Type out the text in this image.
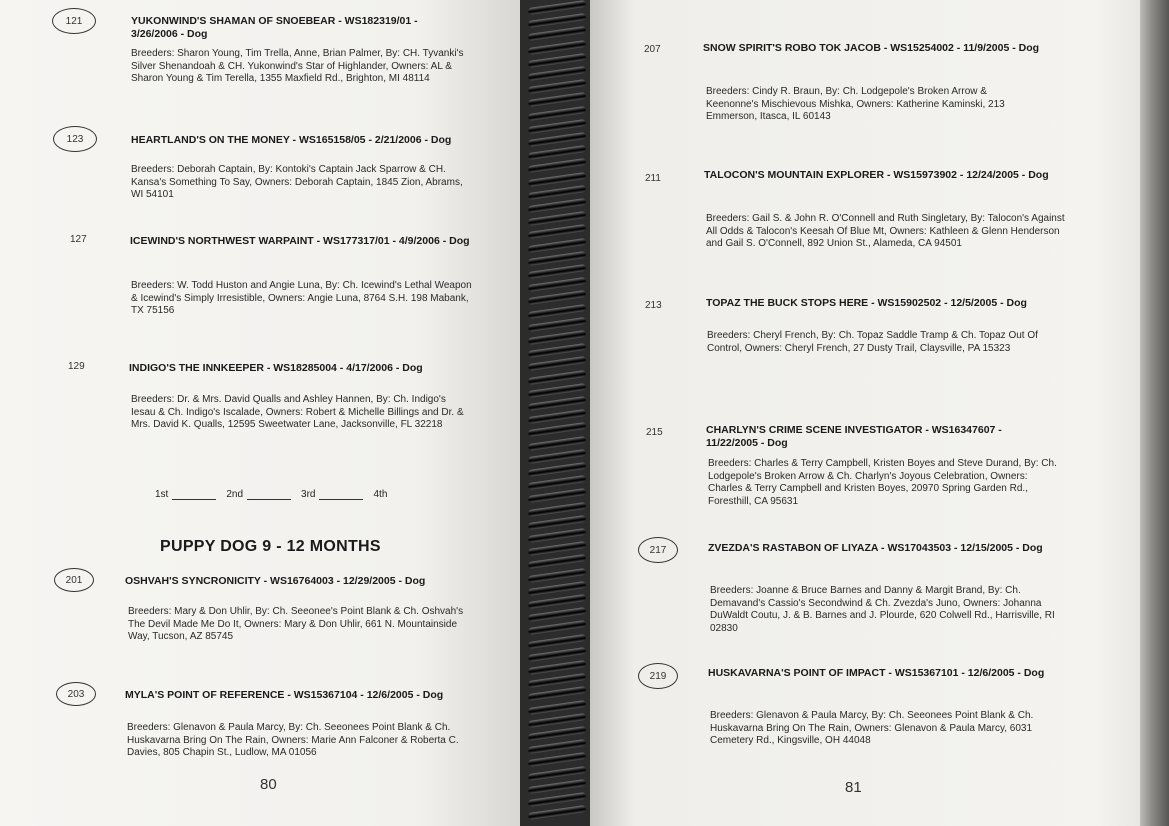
121	YUKONWIND'S SHAMAN OF SNOEBEAR - WS182319/01 - 3/26/2006 - Dog
Breeders: Sharon Young, Tim Trella, Anne, Brian Palmer, By: CH. Tyvanki's Silver Shenandoah & CH. Yukonwind's Star of Highlander, Owners: AL & Sharon Young & Tim Terella, 1355 Maxfield Rd., Brighton, MI 48114
123	HEARTLAND'S ON THE MONEY - WS165158/05 - 2/21/2006 - Dog
Breeders: Deborah Captain, By: Kontoki's Captain Jack Sparrow & CH. Kansa's Something To Say, Owners: Deborah Captain, 1845 Zion, Abrams, WI 54101
127	ICEWIND'S NORTHWEST WARPAINT - WS177317/01 - 4/9/2006 - Dog
Breeders: W. Todd Huston and Angie Luna, By: Ch. Icewind's Lethal Weapon & Icewind's Simply Irresistible, Owners: Angie Luna, 8764 S.H. 198 Mabank, TX 75156
129	INDIGO'S THE INNKEEPER - WS18285004 - 4/17/2006 - Dog
Breeders: Dr. & Mrs. David Qualls and Ashley Hannen, By: Ch. Indigo's Iesau & Ch. Indigo's Iscalade, Owners: Robert & Michelle Billings and Dr. & Mrs. David K. Qualls, 12595 Sweetwater Lane, Jacksonville, FL 32218
1st	2nd	3rd	4th
PUPPY DOG 9 - 12 MONTHS
201	OSHVAH'S SYNCRONICITY - WS16764003 - 12/29/2005 - Dog
Breeders: Mary & Don Uhlir, By: Ch. Seeonee's Point Blank & Ch. Oshvah's The Devil Made Me Do It, Owners: Mary & Don Uhlir, 661 N. Mountainside Way, Tucson, AZ 85745
203	MYLA'S POINT OF REFERENCE - WS15367104 - 12/6/2005 - Dog
Breeders: Glenavon & Paula Marcy, By: Ch. Seeonees Point Blank & Ch. Huskavarna Bring On The Rain, Owners: Marie Ann Falconer & Roberta C. Davies, 805 Chapin St., Ludlow, MA 01056
80
207	SNOW SPIRIT'S ROBO TOK JACOB - WS15254002 - 11/9/2005 - Dog
Breeders: Cindy R. Braun, By: Ch. Lodgepole's Broken Arrow & Keenonne's Mischievous Mishka, Owners: Katherine Kaminski, 213 Emmerson, Itasca, IL 60143
211	TALOCON'S MOUNTAIN EXPLORER - WS15973902 - 12/24/2005 - Dog
Breeders: Gail S. & John R. O'Connell and Ruth Singletary, By: Talocon's Against All Odds & Talocon's Keesah Of Blue Mt, Owners: Kathleen & Glenn Henderson and Gail S. O'Connell, 892 Union St., Alameda, CA 94501
213	TOPAZ THE BUCK STOPS HERE - WS15902502 - 12/5/2005 - Dog
Breeders: Cheryl French, By: Ch. Topaz Saddle Tramp & Ch. Topaz Out Of Control, Owners: Cheryl French, 27 Dusty Trail, Claysville, PA 15323
215	CHARLYN'S CRIME SCENE INVESTIGATOR - WS16347607 - 11/22/2005 - Dog
Breeders: Charles & Terry Campbell, Kristen Boyes and Steve Durand, By: Ch. Lodgepole's Broken Arrow & Ch. Charlyn's Joyous Celebration, Owners: Charles & Terry Campbell and Kristen Boyes, 20970 Spring Garden Rd., Foresthill, CA 95631
217	ZVEZDA'S RASTABON OF LIYAZA - WS17043503 - 12/15/2005 - Dog
Breeders: Joanne & Bruce Barnes and Danny & Margit Brand, By: Ch. Demavand's Cassio's Secondwind & Ch. Zvezda's Juno, Owners: Johanna DuWaldt Coutu, J. & B. Barnes and J. Plourde, 620 Colwell Rd., Harrisville, RI 02830
219	HUSKAVARNA'S POINT OF IMPACT - WS15367101 - 12/6/2005 - Dog
Breeders: Glenavon & Paula Marcy, By: Ch. Seeonees Point Blank & Ch. Huskavarna Bring On The Rain, Owners: Glenavon & Paula Marcy, 6031 Cemetery Rd., Kingsville, OH 44048
81
